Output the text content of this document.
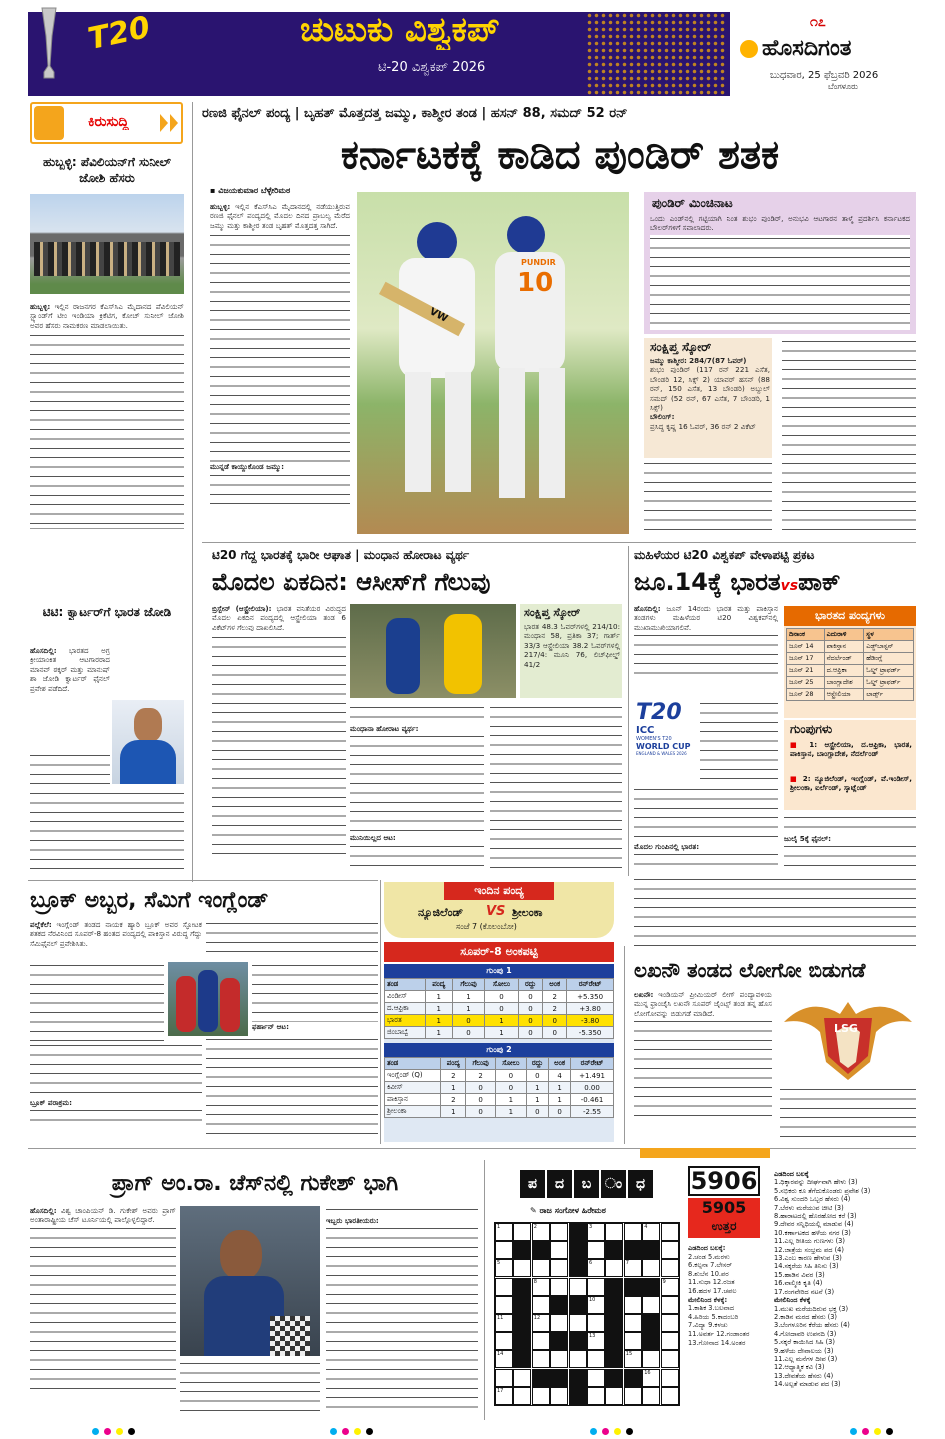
T20	ಚುಟುಕು ವಿಶ್ವಕಪ್
ಟಿ-20 ವಿಶ್ವಕಪ್ 2026
೧೭
ಹೊಸದಿಗಂತ
ಬುಧವಾರ, 25 ಫೆಬ್ರವರಿ 2026
ಬೆಂಗಳೂರು
ಕಿರುಸುದ್ದಿ
ಹುಬ್ಬಳ್ಳಿ: ಪೆವಿಲಿಯನ್‌ಗೆ ಸುನೀಲ್ ಜೋಶಿ ಹೆಸರು
ಹುಬ್ಬಳ್ಳಿ: ಇಲ್ಲಿನ ರಾಜನಗರ ಕೆಎಸ್‌ಸಿಎ ಮೈದಾನದ ಪೆವಿಲಿಯನ್ ಸ್ಟ್ಯಾಂಡ್‌ಗೆ ಟೀಂ ಇಂಡಿಯಾ ಕ್ರಿಕೆಟಿಗ, ಕೋಚ್ ಸುನೀಲ್ ಜೋಶಿ ಅವರ ಹೆಸರು ನಾಮಕರಣ ಮಾಡಲಾಯಿತು.
ಟಿಟಿ: ಕ್ವಾರ್ಟರ್‌ಗೆ ಭಾರತ ಜೋಡಿ
ಹೊಸದಿಲ್ಲಿ: ಭಾರತದ ಅಗ್ರ ಕ್ರೀಯಾಂಕಿತ ಆಟಗಾರರಾದ ಮಾನವ್ ಠಕ್ಕರ್ ಮತ್ತು ಮಾನುಷ್ ಶಾ ಜೋಡಿ ಕ್ವಾರ್ಟರ್ ಫೈನಲ್ ಪ್ರವೇಶ ಪಡೆದಿದೆ.
ರಣಜಿ ಫೈನಲ್ ಪಂದ್ಯ | ಬೃಹತ್ ಮೊತ್ತದತ್ತ ಜಮ್ಮು, ಕಾಶ್ಮೀರ ತಂಡ | ಹಸನ್ 88, ಸಮದ್ 52 ರನ್
ಕರ್ನಾಟಕಕ್ಕೆ ಕಾಡಿದ ಪುಂಡಿರ್ ಶತಕ
▪ ವಿಜಯಕುಮಾರ ಬೆಳ್ಳೇರಿಮಠ
ಹುಬ್ಬಳ್ಳಿ: ಇಲ್ಲಿನ ಕೆಎಸ್‌ಸಿಎ ಮೈದಾನದಲ್ಲಿ ನಡೆಯುತ್ತಿರುವ ರಣಜಿ ಫೈನಲ್ ಪಂದ್ಯದಲ್ಲಿ ಮೊದಲ ದಿನದ ಪ್ರಾಬಲ್ಯ ಮೆರೆದ ಜಮ್ಮು ಮತ್ತು ಕಾಶ್ಮೀರ ತಂಡ ಬೃಹತ್ ಮೊತ್ತದತ್ತ ಸಾಗಿದೆ.
ಮುನ್ನಡೆ ಕಾಯ್ದುಕೊಂಡ ಜಮ್ಮು:
VW
PUNDIR
10
ಪುಂಡಿರ್ ಮಿಂಚಿನಾಟ
ಒಂದು ಎಂಡ್‌ನಲ್ಲಿ ಗಟ್ಟಿಯಾಗಿ ನಿಂತ ಶುಭಂ ಪುಂಡಿರ್, ಅನುಭವಿ ಆಟಗಾರನ ತಾಳ್ಮೆ ಪ್ರದರ್ಶಿಸಿ ಕರ್ನಾಟಕದ ಬೌಲರ್‌ಗಳಿಗೆ ಸವಾಲಾದರು.
ಸಂಕ್ಷಿಪ್ತ ಸ್ಕೋರ್
ಜಮ್ಮು ಕಾಶ್ಮೀರ: 284/7(87 ಓವರ್)
ಶುಭಂ ಪುಂಡಿರ್ (117 ರನ್ 221 ಎಸೆತ, ಬೌಂಡರಿ 12, ಸಿಕ್ಸ್ 2) ಯಾವರ್ ಹಸನ್ (88 ರನ್, 150 ಎಸೆತ, 13 ಬೌಂಡರಿ) ಅಬ್ದುಲ್ ಸಮದ್ (52 ರನ್, 67 ಎಸೆತ, 7 ಬೌಂಡರಿ, 1 ಸಿಕ್ಸ್)
ಬೌಲಿಂಗ್:
ಪ್ರಸಿದ್ಧ ಕೃಷ್ಣ 16 ಓವರ್, 36 ರನ್ 2 ವಿಕೆಟ್
ಟಿ20 ಗೆದ್ದ ಭಾರತಕ್ಕೆ ಭಾರೀ ಆಘಾತ | ಮಂಧಾನ ಹೋರಾಟ ವ್ಯರ್ಥ
ಮೊದಲ ಏಕದಿನ: ಆಸೀಸ್‌ಗೆ ಗೆಲುವು
ಬ್ರಿಸ್ಬೇನ್ (ಆಸ್ಟ್ರೇಲಿಯಾ): ಭಾರತ ವನಿತೆಯರ ವಿರುದ್ಧದ ಮೊದಲ ಏಕದಿನ ಪಂದ್ಯದಲ್ಲಿ ಆಸ್ಟ್ರೇಲಿಯಾ ತಂಡ 6 ವಿಕೆಟ್‌ಗಳ ಗೆಲುವು ದಾಖಲಿಸಿದೆ.
ಸಂಕ್ಷಿಪ್ತ ಸ್ಕೋರ್
ಭಾರತ 48.3 ಓವರ್‌ಗಳಲ್ಲಿ 214/10: ಮಂಧಾನ 58, ಪ್ರತಿಕಾ 37; ಗಾರ್ತ್ 33/3 ಆಸ್ಟ್ರೇಲಿಯಾ 38.2 ಓವರ್‌ಗಳಲ್ಲಿ 217/4: ಮೂನಿ 76, ಲಿಚ್‌ಫೀಲ್ಡ್ 41/2
ಮಂಧಾನಾ ಹೋರಾಟ ವ್ಯರ್ಥ:
ಮುನಿಯಿಲ್ಲದ ಆಟ:
ಮಹಿಳೆಯರ ಟಿ20 ವಿಶ್ವಕಪ್ ವೇಳಾಪಟ್ಟಿ ಪ್ರಕಟ
ಜೂ.14ಕ್ಕೆ ಭಾರತvsಪಾಕ್
ಹೊಸದಿಲ್ಲಿ: ಜೂನ್ 14ರಂದು ಭಾರತ ಮತ್ತು ಪಾಕಿಸ್ತಾನ ತಂಡಗಳು ಮಹಿಳೆಯರ ಟಿ20 ವಿಶ್ವಕಪ್‌ನಲ್ಲಿ ಮುಖಾಮುಖಿಯಾಗಲಿವೆ.
T20
ICC
WOMEN'S T20
WORLD CUP
ENGLAND & WALES 2026
ಮೊದಲ ಗುಂಪಿನಲ್ಲಿ ಭಾರತ:
ಭಾರತದ ಪಂದ್ಯಗಳು
ದಿನಾಂಕ	ಎದುರಾಳಿ	ಸ್ಥಳ
ಜೂನ್ 14	ಪಾಕಿಸ್ತಾನ	ಎಡ್ಜ್‌ಬಾಸ್ಟನ್
ಜೂನ್ 17	ನೆದರ್ಲೆಂಡ್	ಹೆಡಿಂಗ್ಲೆ
ಜೂನ್ 21	ದ.ಆಫ್ರಿಕಾ	ಓಲ್ಡ್ ಟ್ರಾಫರ್ಡ್
ಜೂನ್ 25	ಬಾಂಗ್ಲಾದೇಶ	ಓಲ್ಡ್ ಟ್ರಾಫರ್ಡ್
ಜೂನ್ 28	ಆಸ್ಟ್ರೇಲಿಯಾ	ಲಾರ್ಡ್ಸ್
ಗುಂಪುಗಳು
■ 1: ಆಸ್ಟ್ರೇಲಿಯಾ, ದ.ಆಫ್ರಿಕಾ, ಭಾರತ, ಪಾಕಿಸ್ತಾನ, ಬಾಂಗ್ಲಾದೇಶ, ನೆದರ್ಲೆಂಡ್
■ 2: ನ್ಯೂಜಿಲೆಂಡ್, ಇಂಗ್ಲೆಂಡ್, ವೆ.ಇಂಡೀಸ್, ಶ್ರೀಲಂಕಾ, ಐರ್ಲೆಂಡ್, ಸ್ಕಾಟ್ಲೆಂಡ್
ಜುಲೈ 5ಕ್ಕೆ ಫೈನಲ್:
ಬ್ರೂಕ್ ಅಬ್ಬರ, ಸೆಮಿಗೆ ಇಂಗ್ಲೆಂಡ್
ಪಲ್ಲೆಕೆಲೆ: ಇಂಗ್ಲೆಂಡ್ ತಂಡದ ನಾಯಕ ಹ್ಯಾರಿ ಬ್ರೂಕ್ ಅವರ ಸ್ಫೋಟಕ ಶತಕದ ನೆರವಿನಿಂದ ಸೂಪರ್-8 ಹಂತದ ಪಂದ್ಯದಲ್ಲಿ ಪಾಕಿಸ್ತಾನ ವಿರುದ್ಧ ಗೆದ್ದು ಸೆಮಿಫೈನಲ್ ಪ್ರವೇಶಿಸಿತು.
ಫರ್ಹಾನ್ ಆಟ:
ಬ್ರೂಕ್ ಪರಾಕ್ರಮ:
ಇಂದಿನ ಪಂದ್ಯ
ನ್ಯೂಜಿಲೆಂಡ್ VS ಶ್ರೀಲಂಕಾ
ಸಂಜೆ 7 (ಕೊಲಂಬೋ)
ಸೂಪರ್-8 ಅಂಕಪಟ್ಟಿ
ಗುಂಪು 1
ತಂಡ	ಪಂದ್ಯ	ಗೆಲುವು	ಸೋಲು	ರದ್ದು	ಅಂಕ	ರನ್‌ರೇಟ್
ವಿಂಡೀಸ್	1	1	0	0	2	+5.350
ದ.ಆಫ್ರಿಕಾ	1	1	0	0	2	+3.80
ಭಾರತ	1	0	1	0	0	-3.80
ಜಿಂಬಾಬ್ವೆ	1	0	1	0	0	-5.350
ಗುಂಪು 2
ತಂಡ	ಪಂದ್ಯ	ಗೆಲುವು	ಸೋಲು	ರದ್ದು	ಅಂಕ	ರನ್‌ರೇಟ್
ಇಂಗ್ಲೆಂಡ್ (Q)	2	2	0	0	4	+1.491
ಕಿವೀಸ್	1	0	0	1	1	0.00
ಪಾಕಿಸ್ತಾನ	2	0	1	1	1	-0.461
ಶ್ರೀಲಂಕಾ	1	0	1	0	0	-2.55
ಲಖನೌ ತಂಡದ ಲೋಗೋ ಬಿಡುಗಡೆ
ಲಖನೌ: ಇಂಡಿಯನ್ ಪ್ರೀಮಿಯರ್ ಲೀಗ್ ಪಂದ್ಯಾವಳಿಯ ಮುನ್ನ ಫ್ರಾಂಚೈಸಿ ಲಖನೌ ಸೂಪರ್ ಜೈಂಟ್ಸ್ ತಂಡ ತನ್ನ ಹೊಸ ಲೋಗೋವನ್ನು ಬಿಡುಗಡೆ ಮಾಡಿದೆ.
LSG
ಪ್ರಾಗ್ ಅಂ.ರಾ. ಚೆಸ್‌ನಲ್ಲಿ ಗುಕೇಶ್ ಭಾಗಿ
ಹೊಸದಿಲ್ಲಿ: ವಿಶ್ವ ಚಾಂಪಿಯನ್ ಡಿ. ಗುಕೇಶ್ ಅವರು ಪ್ರಾಗ್ ಅಂತಾರಾಷ್ಟ್ರೀಯ ಚೆಸ್ ಟೂರ್ನಿಯಲ್ಲಿ ಪಾಲ್ಗೊಳ್ಳಲಿದ್ದಾರೆ.	ಇಬ್ಬರು ಭಾರತೀಯರು:
ಪ	ದ	ಬ ಂ ಧ
✎ ರಾಜ ಸಂಗೋಳ ಹಿರೇಮಠ
1	2	3	4
5	6	7
8	9
10
11	12
13
14	15
16
17
5906
5905
ಉತ್ತರ
ಎಡದಿಂದ ಬಲಕ್ಕೆ:
2.ಚಂಡ 5.ಮರಳು
6.ಕಲ್ಪನಾ 7.ಲೇಸರ್
8.ಶುಬೆನ 10.ಪರ
11.ಸುಧಾ 12.ರಜತ
16.ಹದಳ 17.ಚಪಲ
ಮೇಲಿನಿಂದ ಕೆಳಕ್ಕೆ:
1.ಕಾಶಿಕ 3.ಬಲವಾದ
4.ಹಿರಿಯ 5.ಕಾದಂಬರಿ
7.ವಿದ್ಯಾ 9.ಕಳಚು
11.ಅವರ್ತ 12.ಗಂಡಾಂತರ
13.ಗೋನಾದ 14.ಅಂತರ
ಎಡದಿಂದ ಬಲಕ್ಕೆ
1.ಧಿಕ್ಕಾರವನ್ನು ದೀರ್ಘವಾಗಿ ಹೇಳು (3)
5.ಸಭಿಕರು ಕೂ ತೆಗೆದುಕೊಂಡರು ಪ್ರವೇಶ (3)
6.ವಿಶ್ವ ಸುಂದರಿ ಒಬ್ಬರ ಹೆಸರು (4)
7.ಬೆರಳು ಮರೆಯುವ ಚೀಟಿ (3)
8.ಹಾರಾಟದಲ್ಲಿ ಹೊರಹೋದ ಕರೆ (3)
9.ದೇವರ ಸನ್ನಿಧಿಯಲ್ಲಿ ಮಾಡುವ (4)
10.ಕರ್ಣಾಟಕದ ಹಳೆಯ ನಗರ (3)
11.ಎಲ್ಲ ರೀತಿಯ ಗುಣಗಳು (3)
12.ಜಾತ್ರೆಯ ಸಂಭ್ರಮ ಪದ (4)
13.ಎಂಬ ಕಾರಣ ಹೇಳುವ (3)
14.ಸಕ್ಕರೆಯ ಸಿಹಿ ತಿನಿಸು (3)
15.ಹಾಡಿನ ವಿವರ (3)
16.ವಾಲ್ಮೀಕಿ ಕೃತಿ (4)
17.ರಂಗವೇರಿದ ನಟನೆ (3)
ಮೇಲಿನಿಂದ ಕೆಳಕ್ಕೆ
1.ಮುಖ ಮರೆಯದಿರುವ ಭಕ್ತ (3)
2.ಕಾಡಿನ ಮರದ ಹೆಸರು (3)
3.ಬೆಂಗಳೂರಿನ ಕೆರೆಯ ಹೆಸರು (4)
4.ಗೋದಾವರಿ ಉಪನದಿ (3)
5.ಸಕ್ಕರೆ ಕಾಯಿಸಿದ ಸಿಹಿ (3)
9.ಹಳೆಯ ದೇವಾಲಯ (3)
11.ಎಲ್ಲ ಮನೆಗಳ ದೀಪ (3)
12.ಆಧ್ಯಾತ್ಮಿಕ ಕವಿ (3)
13.ದೇವತೆಯ ಹೆಸರು (4)
14.ಅಲ್ಪತೆ ಮಾಡುವ ಪದ (3)
